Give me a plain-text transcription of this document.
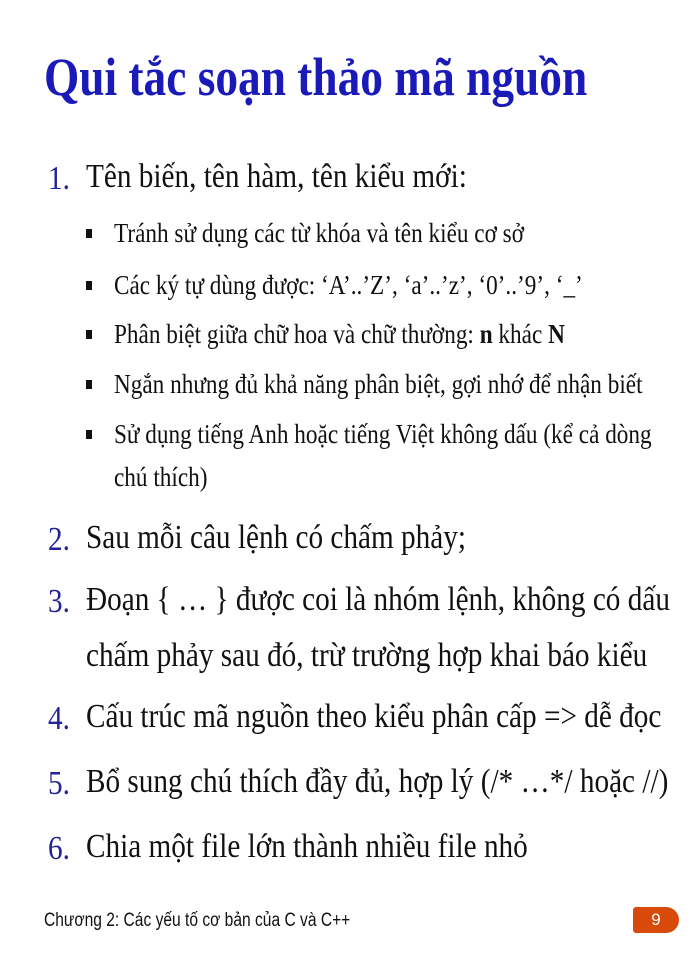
Qui tắc soạn thảo mã nguồn
1. Tên biến, tên hàm, tên kiểu mới:
Tránh sử dụng các từ khóa và tên kiểu cơ sở
Các ký tự dùng được: ‘A’..’Z’, ‘a’..’z’, ‘0’..’9’, ‘_’
Phân biệt giữa chữ hoa và chữ thường: n khác N
Ngắn nhưng đủ khả năng phân biệt, gợi nhớ để nhận biết
Sử dụng tiếng Anh hoặc tiếng Việt không dấu (kể cả dòng
chú thích)
2. Sau mỗi câu lệnh có chấm phảy;
3. Đoạn { … } được coi là nhóm lệnh, không có dấu
chấm phảy sau đó, trừ trường hợp khai báo kiểu
4. Cấu trúc mã nguồn theo kiểu phân cấp => dễ đọc
5. Bổ sung chú thích đầy đủ, hợp lý (/* …*/ hoặc //)
6. Chia một file lớn thành nhiều file nhỏ
Chương 2: Các yếu tố cơ bản của C và C++	9
